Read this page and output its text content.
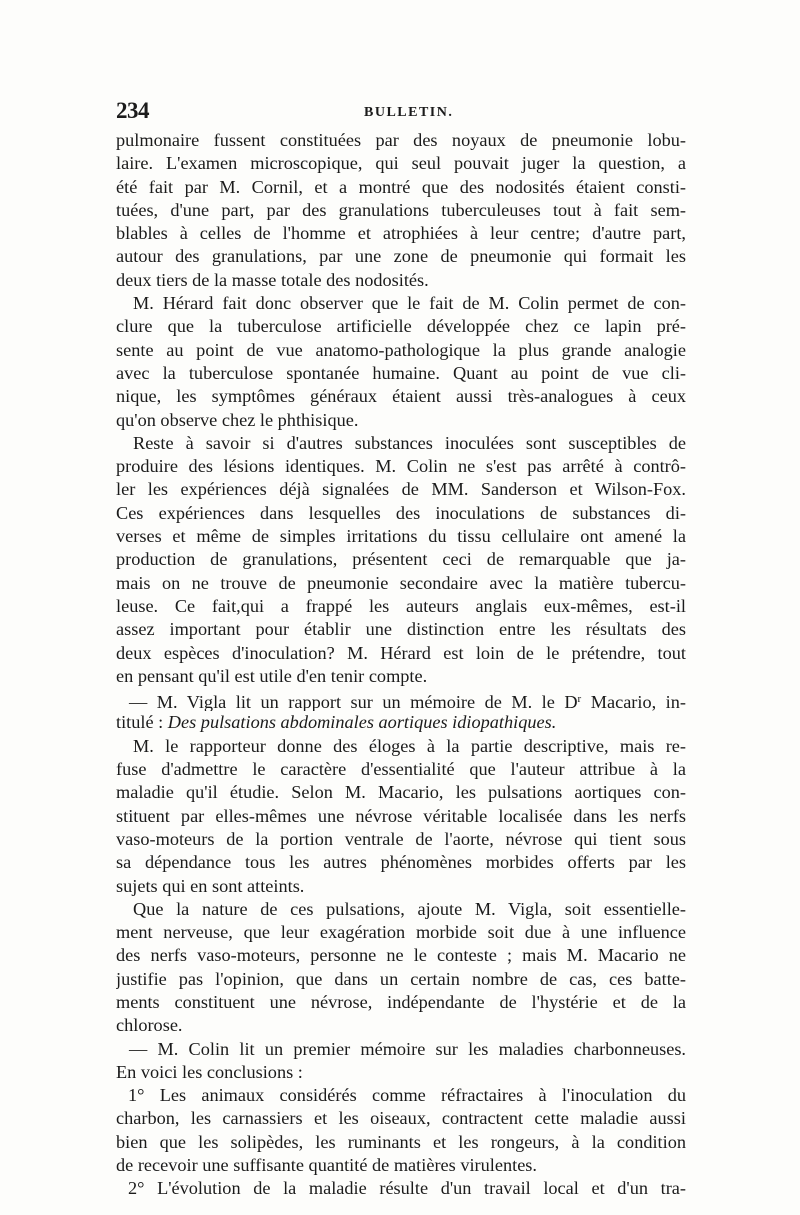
234	BULLETIN.
pulmonaire fussent constituées par des noyaux de pneumonie lobu-
laire. L'examen microscopique, qui seul pouvait juger la question, a
été fait par M. Cornil, et a montré que des nodosités étaient consti-
tuées, d'une part, par des granulations tuberculeuses tout à fait sem-
blables à celles de l'homme et atrophiées à leur centre; d'autre part,
autour des granulations, par une zone de pneumonie qui formait les
deux tiers de la masse totale des nodosités.
M. Hérard fait donc observer que le fait de M. Colin permet de con-
clure que la tuberculose artificielle développée chez ce lapin pré-
sente au point de vue anatomo-pathologique la plus grande analogie
avec la tuberculose spontanée humaine. Quant au point de vue cli-
nique, les symptômes généraux étaient aussi très-analogues à ceux
qu'on observe chez le phthisique.
Reste à savoir si d'autres substances inoculées sont susceptibles de
produire des lésions identiques. M. Colin ne s'est pas arrêté à contrô-
ler les expériences déjà signalées de MM. Sanderson et Wilson-Fox.
Ces expériences dans lesquelles des inoculations de substances di-
verses et même de simples irritations du tissu cellulaire ont amené la
production de granulations, présentent ceci de remarquable que ja-
mais on ne trouve de pneumonie secondaire avec la matière tubercu-
leuse. Ce fait,qui a frappé les auteurs anglais eux-mêmes, est-il
assez important pour établir une distinction entre les résultats des
deux espèces d'inoculation? M. Hérard est loin de le prétendre, tout
en pensant qu'il est utile d'en tenir compte.
— M. Vigla lit un rapport sur un mémoire de M. le $D^r$ Macario, in-
titulé : Des pulsations abdominales aortiques idiopathiques.
M. le rapporteur donne des éloges à la partie descriptive, mais re-
fuse d'admettre le caractère d'essentialité que l'auteur attribue à la
maladie qu'il étudie. Selon M. Macario, les pulsations aortiques con-
stituent par elles-mêmes une névrose véritable localisée dans les nerfs
vaso-moteurs de la portion ventrale de l'aorte, névrose qui tient sous
sa dépendance tous les autres phénomènes morbides offerts par les
sujets qui en sont atteints.
Que la nature de ces pulsations, ajoute M. Vigla, soit essentielle-
ment nerveuse, que leur exagération morbide soit due à une influence
des nerfs vaso-moteurs, personne ne le conteste ; mais M. Macario ne
justifie pas l'opinion, que dans un certain nombre de cas, ces batte-
ments constituent une névrose, indépendante de l'hystérie et de la
chlorose.
— M. Colin lit un premier mémoire sur les maladies charbonneuses.
En voici les conclusions :
1° Les animaux considérés comme réfractaires à l'inoculation du
charbon, les carnassiers et les oiseaux, contractent cette maladie aussi
bien que les solipèdes, les ruminants et les rongeurs, à la condition
de recevoir une suffisante quantité de matières virulentes.
2° L'évolution de la maladie résulte d'un travail local et d'un tra-
